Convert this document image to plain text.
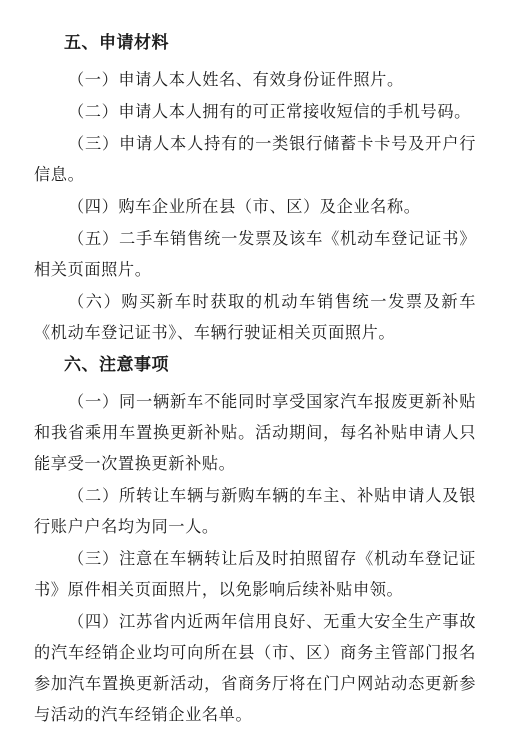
五、申请材料

（一）申请人本人姓名、有效身份证件照片。

（二）申请人本人拥有的可正常接收短信的手机号码。

（三）申请人本人持有的一类银行储蓄卡卡号及开户行信息。

（四）购车企业所在县（市、区）及企业名称。

（五）二手车销售统一发票及该车《机动车登记证书》相关页面照片。

（六）购买新车时获取的机动车销售统一发票及新车《机动车登记证书》、车辆行驶证相关页面照片。

六、注意事项

（一）同一辆新车不能同时享受国家汽车报废更新补贴和我省乘用车置换更新补贴。活动期间，每名补贴申请人只能享受一次置换更新补贴。

（二）所转让车辆与新购车辆的车主、补贴申请人及银行账户户名均为同一人。

（三）注意在车辆转让后及时拍照留存《机动车登记证书》原件相关页面照片，以免影响后续补贴申领。

（四）江苏省内近两年信用良好、无重大安全生产事故的汽车经销企业均可向所在县（市、区）商务主管部门报名参加汽车置换更新活动，省商务厅将在门户网站动态更新参与活动的汽车经销企业名单。
